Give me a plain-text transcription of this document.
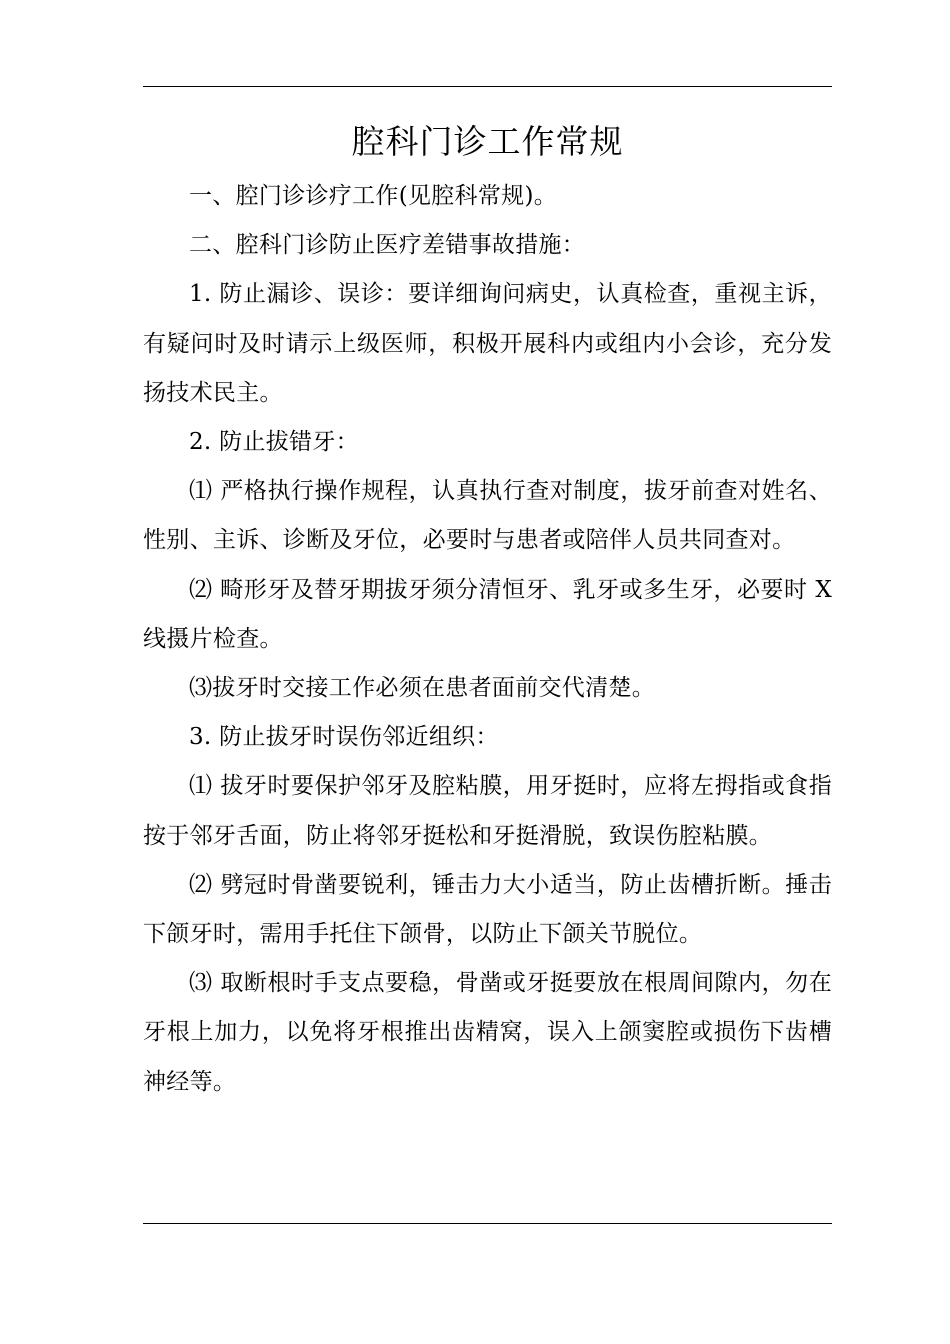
腔科门诊工作常规

一、腔门诊诊疗工作(见腔科常规)。

二、腔科门诊防止医疗差错事故措施：

1. 防止漏诊、误诊：要详细询问病史，认真检查，重视主诉，有疑问时及时请示上级医师，积极开展科内或组内小会诊，充分发扬技术民主。

2. 防止拔错牙：

⑴ 严格执行操作规程，认真执行查对制度，拔牙前查对姓名、性别、主诉、诊断及牙位，必要时与患者或陪伴人员共同查对。

⑵ 畸形牙及替牙期拔牙须分清恒牙、乳牙或多生牙，必要时 X 线摄片检查。

⑶拔牙时交接工作必须在患者面前交代清楚。

3. 防止拔牙时误伤邻近组织：

⑴ 拔牙时要保护邻牙及腔粘膜，用牙挺时，应将左拇指或食指按于邻牙舌面，防止将邻牙挺松和牙挺滑脱，致误伤腔粘膜。

⑵ 劈冠时骨凿要锐利，锤击力大小适当，防止齿槽折断。捶击下颌牙时，需用手托住下颌骨，以防止下颌关节脱位。

⑶ 取断根时手支点要稳，骨凿或牙挺要放在根周间隙内，勿在牙根上加力，以免将牙根推出齿精窝，误入上颌窦腔或损伤下齿槽神经等。
